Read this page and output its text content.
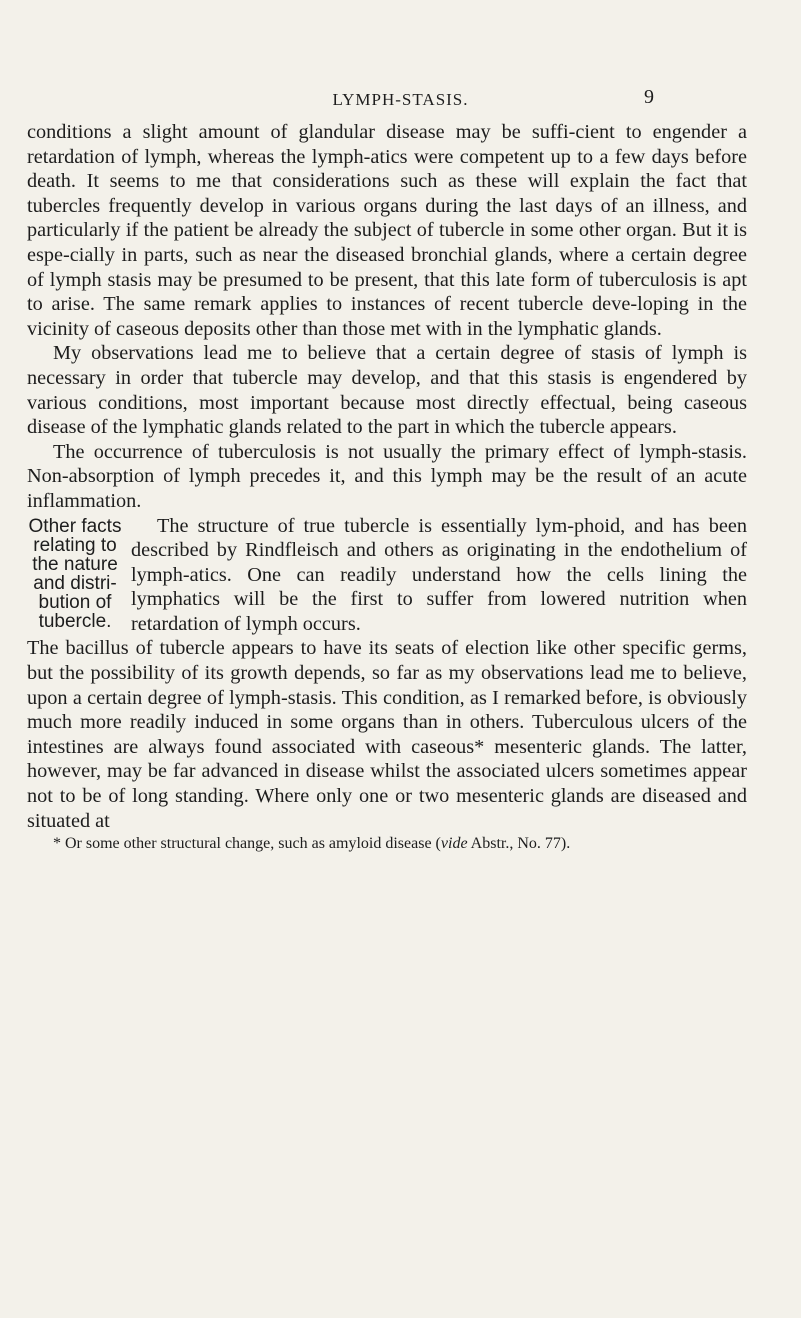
LYMPH-STASIS.	9

conditions a slight amount of glandular disease may be suffi-cient to engender a retardation of lymph, whereas the lymph-atics were competent up to a few days before death. It seems to me that considerations such as these will explain the fact that tubercles frequently develop in various organs during the last days of an illness, and particularly if the patient be already the subject of tubercle in some other organ. But it is espe-cially in parts, such as near the diseased bronchial glands, where a certain degree of lymph stasis may be presumed to be present, that this late form of tuberculosis is apt to arise. The same remark applies to instances of recent tubercle deve-loping in the vicinity of caseous deposits other than those met with in the lymphatic glands.

My observations lead me to believe that a certain degree of stasis of lymph is necessary in order that tubercle may develop, and that this stasis is engendered by various conditions, most important because most directly effectual, being caseous disease of the lymphatic glands related to the part in which the tubercle appears.

The occurrence of tuberculosis is not usually the primary effect of lymph-stasis. Non-absorption of lymph precedes it, and this lymph may be the result of an acute inflammation.

Other facts relating to the nature and distri-bution of tubercle.

The structure of true tubercle is essentially lym-phoid, and has been described by Rindfleisch and others as originating in the endothelium of lymph-atics. One can readily understand how the cells lining the lymphatics will be the first to suffer from lowered nutrition when retardation of lymph occurs.

The bacillus of tubercle appears to have its seats of election like other specific germs, but the possibility of its growth depends, so far as my observations lead me to believe, upon a certain degree of lymph-stasis. This condition, as I remarked before, is obviously much more readily induced in some organs than in others. Tuberculous ulcers of the intestines are always found associated with caseous* mesenteric glands. The latter, however, may be far advanced in disease whilst the associated ulcers sometimes appear not to be of long standing. Where only one or two mesenteric glands are diseased and situated at

* Or some other structural change, such as amyloid disease (vide Abstr., No. 77).
